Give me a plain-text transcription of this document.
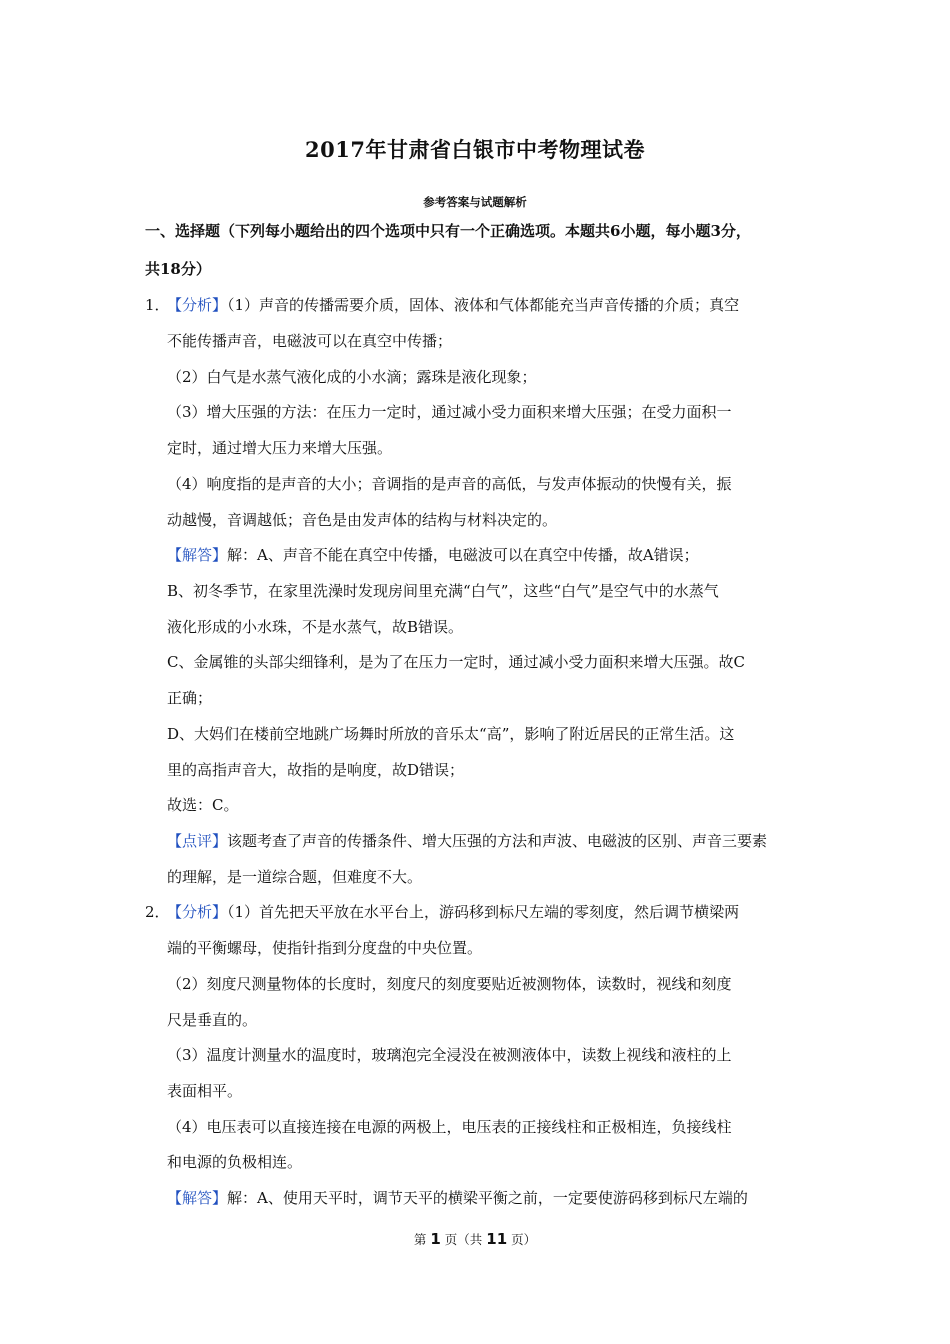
2017年甘肃省白银市中考物理试卷
参考答案与试题解析
一、选择题（下列每小题给出的四个选项中只有一个正确选项。本题共6小题，每小题3分，
共18分）
1．【分析】（1）声音的传播需要介质，固体、液体和气体都能充当声音传播的介质；真空
不能传播声音，电磁波可以在真空中传播；
（2）白气是水蒸气液化成的小水滴；露珠是液化现象；
（3）增大压强的方法：在压力一定时，通过减小受力面积来增大压强；在受力面积一
定时，通过增大压力来增大压强。
（4）响度指的是声音的大小；音调指的是声音的高低，与发声体振动的快慢有关，振
动越慢，音调越低；音色是由发声体的结构与材料决定的。
【解答】解：A、声音不能在真空中传播，电磁波可以在真空中传播，故A错误；
B、初冬季节，在家里洗澡时发现房间里充满“白气”，这些“白气”是空气中的水蒸气
液化形成的小水珠，不是水蒸气，故B错误。
C、金属锥的头部尖细锋利，是为了在压力一定时，通过减小受力面积来增大压强。故C
正确；
D、大妈们在楼前空地跳广场舞时所放的音乐太“高”，影响了附近居民的正常生活。这
里的高指声音大，故指的是响度，故D错误；
故选：C。
【点评】该题考查了声音的传播条件、增大压强的方法和声波、电磁波的区别、声音三要素
的理解，是一道综合题，但难度不大。
2．【分析】（1）首先把天平放在水平台上，游码移到标尺左端的零刻度，然后调节横梁两
端的平衡螺母，使指针指到分度盘的中央位置。
（2）刻度尺测量物体的长度时，刻度尺的刻度要贴近被测物体，读数时，视线和刻度
尺是垂直的。
（3）温度计测量水的温度时，玻璃泡完全浸没在被测液体中，读数上视线和液柱的上
表面相平。
（4）电压表可以直接连接在电源的两极上，电压表的正接线柱和正极相连，负接线柱
和电源的负极相连。
【解答】解：A、使用天平时，调节天平的横梁平衡之前，一定要使游码移到标尺左端的
第 1 页（共 11 页）
